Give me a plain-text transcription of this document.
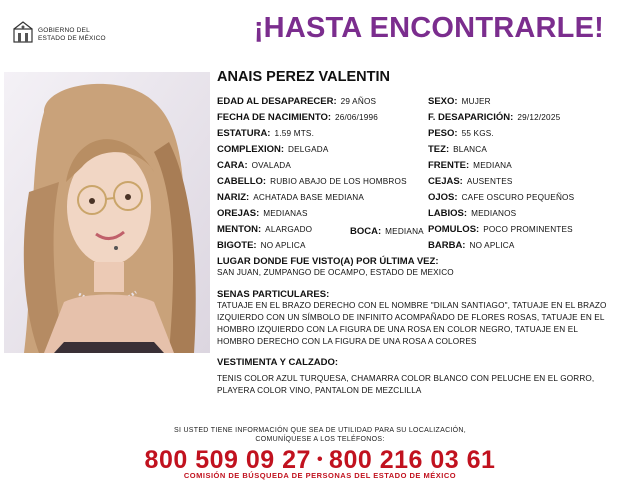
GOBIERNO DEL
ESTADO DE MÉXICO	¡HASTA ENCONTRARLE!
ANAIS PEREZ VALENTIN
EDAD AL DESAPARECER: 29 AÑOS
FECHA DE NACIMIENTO: 26/06/1996
ESTATURA: 1.59 MTS.
COMPLEXION: DELGADA
CARA: OVALADA
CABELLO: RUBIO ABAJO DE LOS HOMBROS
NARIZ: ACHATADA BASE MEDIANA
OREJAS: MEDIANAS
MENTON: ALARGADO
BIGOTE: NO APLICA
BOCA: MEDIANA
SEXO: MUJER
F. DESAPARICIÓN: 29/12/2025
PESO: 55 KGS.
TEZ: BLANCA
FRENTE: MEDIANA
CEJAS: AUSENTES
OJOS: CAFE OSCURO PEQUEÑOS
LABIOS: MEDIANOS
POMULOS: POCO PROMINENTES
BARBA: NO APLICA
LUGAR DONDE FUE VISTO(A) POR ÚLTIMA VEZ:
SAN JUAN, ZUMPANGO DE OCAMPO, ESTADO DE MEXICO
SENAS PARTICULARES:
TATUAJE EN EL BRAZO DERECHO CON EL NOMBRE "DILAN SANTIAGO", TATUAJE EN EL BRAZO IZQUIERDO CON UN SÍMBOLO DE INFINITO ACOMPAÑADO DE FLORES ROSAS, TATUAJE EN EL HOMBRO IZQUIERDO CON LA FIGURA DE UNA ROSA EN COLOR NEGRO, TATUAJE EN EL HOMBRO DERECHO CON LA FIGURA DE UNA ROSA A COLORES
VESTIMENTA Y CALZADO:
TENIS COLOR AZUL TURQUESA, CHAMARRA COLOR BLANCO CON PELUCHE EN EL GORRO, PLAYERA COLOR VINO, PANTALON DE MEZCLILLA
SI USTED TIENE INFORMACIÓN QUE SEA DE UTILIDAD PARA SU LOCALIZACIÓN,
COMUNÍQUESE A LOS TELÉFONOS:
800 509 09 27 • 800 216 03 61
COMISIÓN DE BÚSQUEDA DE PERSONAS DEL ESTADO DE MÉXICO
